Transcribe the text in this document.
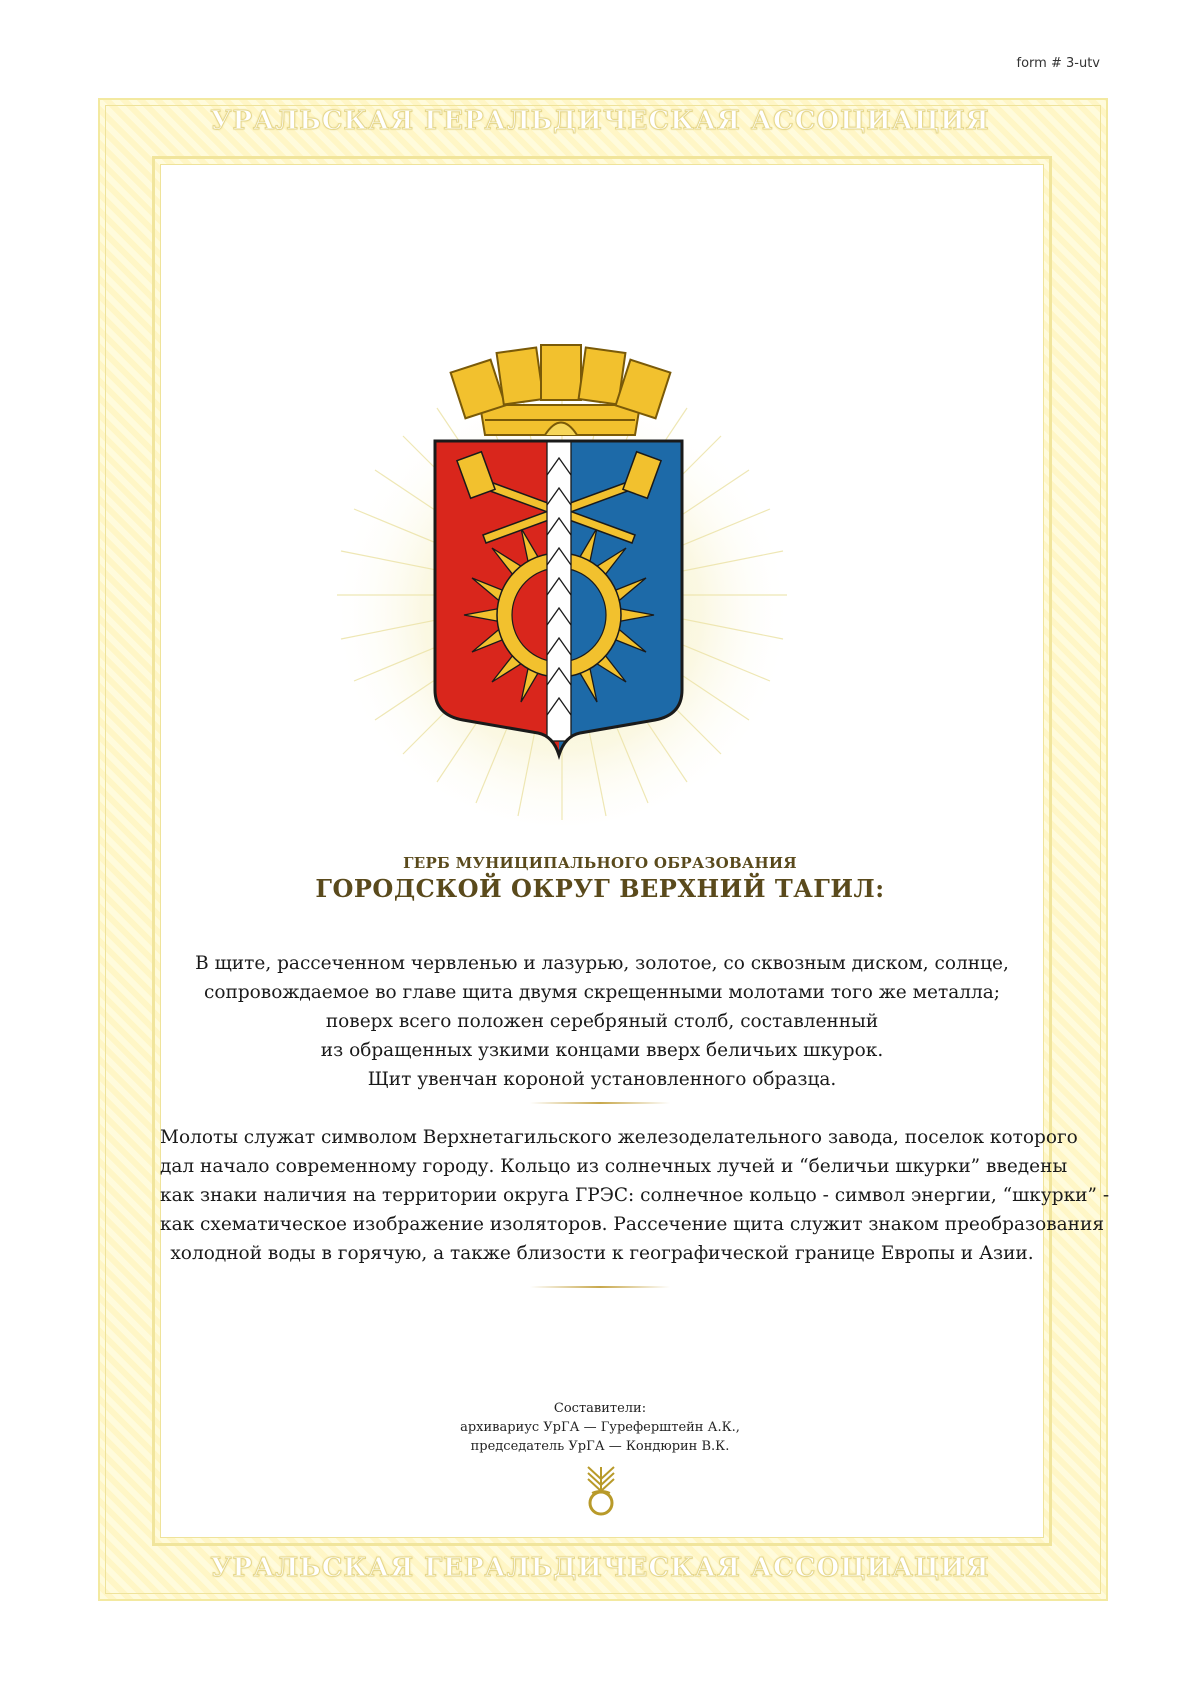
form # 3-utv
УРАЛЬСКАЯ ГЕРАЛЬДИЧЕСКАЯ АССОЦИАЦИЯ
УРАЛЬСКАЯ ГЕРАЛЬДИЧЕСКАЯ АССОЦИАЦИЯ
ГЕРБ МУНИЦИПАЛЬНОГО ОБРАЗОВАНИЯ
ГОРОДСКОЙ ОКРУГ ВЕРХНИЙ ТАГИЛ:
В щите, рассеченном червленью и лазурью, золотое, со сквозным диском, солнце,
сопровождаемое во главе щита двумя скрещенными молотами того же металла;
поверх всего положен серебряный столб, составленный
из обращенных узкими концами вверх беличьих шкурок.
Щит увенчан короной установленного образца.
Молоты служат символом Верхнетагильского железоделательного завода, поселок которого
дал начало современному городу. Кольцо из солнечных лучей и “беличьи шкурки” введены
как знаки наличия на территории округа ГРЭС: солнечное кольцо - символ энергии, “шкурки” -
как схематическое изображение изоляторов. Рассечение щита служит знаком преобразования
холодной воды в горячую, а также близости к географической границе Европы и Азии.
Составители:
архивариус УрГА — Гуреферштейн А.К.,
председатель УрГА — Кондюрин В.К.
